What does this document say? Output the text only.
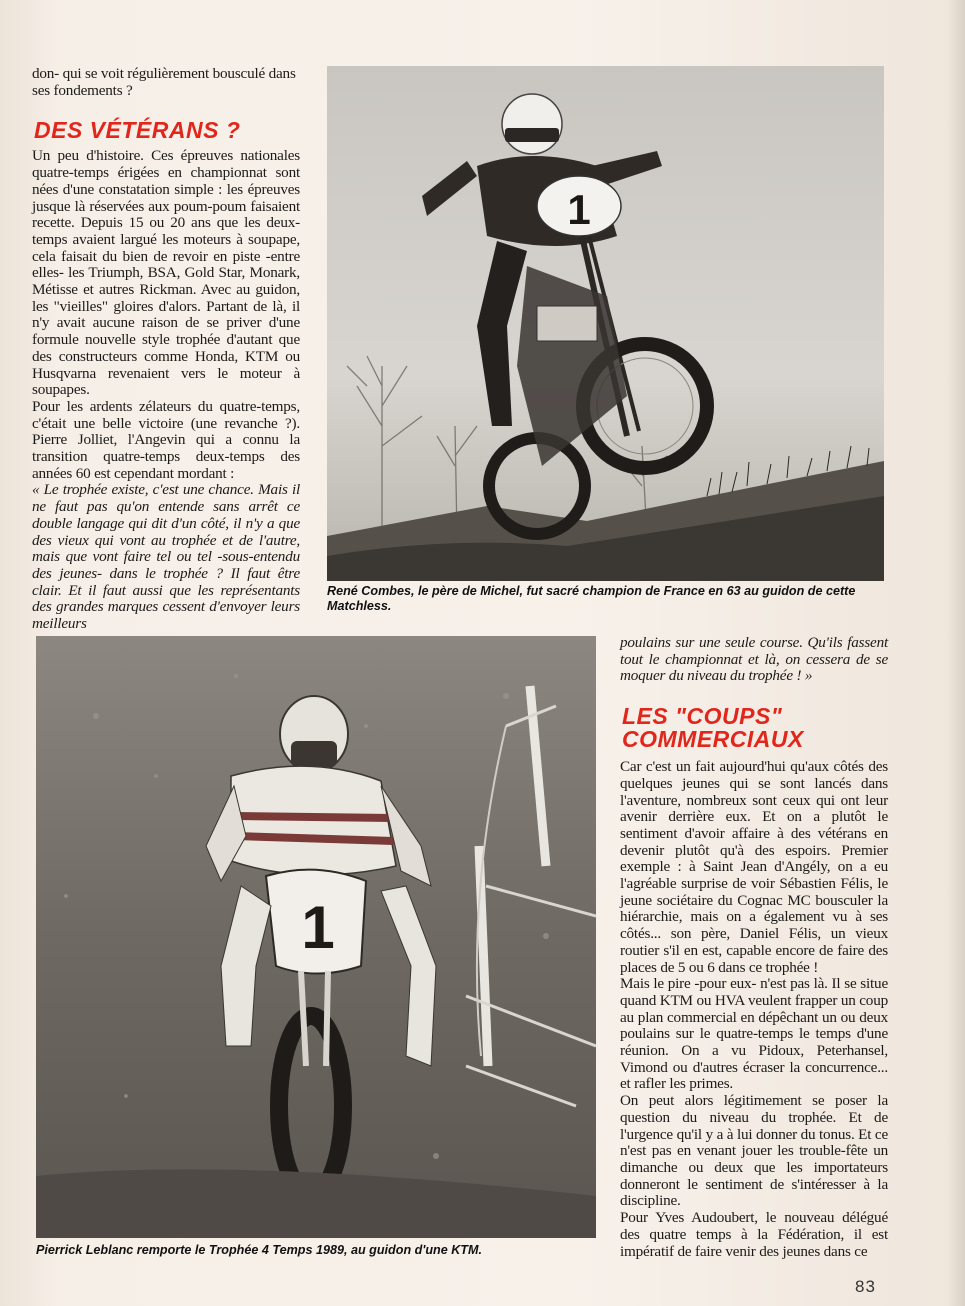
don- qui se voit régulièrement bousculé dans ses fondements ?

DES VÉTÉRANS ?

Un peu d'histoire. Ces épreuves nationales quatre-temps érigées en championnat sont nées d'une constatation simple : les épreuves jusque là réservées aux poum-poum faisaient recette. Depuis 15 ou 20 ans que les deux-temps avaient largué les moteurs à soupape, cela faisait du bien de revoir en piste -entre elles- les Triumph, BSA, Gold Star, Monark, Métisse et autres Rickman. Avec au guidon, les "vieilles" gloires d'alors. Partant de là, il n'y avait aucune raison de se priver d'une formule nouvelle style trophée d'autant que des constructeurs comme Honda, KTM ou Husqvarna revenaient vers le moteur à soupapes.

Pour les ardents zélateurs du quatre-temps, c'était une belle victoire (une revanche ?). Pierre Jolliet, l'Angevin qui a connu la transition quatre-temps deux-temps des années 60 est cependant mordant :

« Le trophée existe, c'est une chance. Mais il ne faut pas qu'on entende sans arrêt ce double langage qui dit d'un côté, il n'y a que des vieux qui vont au trophée et de l'autre, mais que vont faire tel ou tel -sous-entendu des jeunes- dans le trophée ? Il faut être clair. Et il faut aussi que les représentants des grandes marques cessent d'envoyer leurs meilleurs

1
René Combes, le père de Michel, fut sacré champion de France en 63 au guidon de cette Matchless.
1
Pierrick Leblanc remporte le Trophée 4 Temps 1989, au guidon d'une KTM.

poulains sur une seule course. Qu'ils fassent tout le championnat et là, on cessera de se moquer du niveau du trophée ! »

LES "COUPS"
COMMERCIAUX

Car c'est un fait aujourd'hui qu'aux côtés des quelques jeunes qui se sont lancés dans l'aventure, nombreux sont ceux qui ont leur avenir derrière eux. Et on a plutôt le sentiment d'avoir affaire à des vétérans en devenir plutôt qu'à des espoirs. Premier exemple : à Saint Jean d'Angély, on a eu l'agréable surprise de voir Sébastien Félis, le jeune sociétaire du Cognac MC bousculer la hiérarchie, mais on a également vu à ses côtés... son père, Daniel Félis, un vieux routier s'il en est, capable encore de faire des places de 5 ou 6 dans ce trophée !

Mais le pire -pour eux- n'est pas là. Il se situe quand KTM ou HVA veulent frapper un coup au plan commercial en dépêchant un ou deux poulains sur le quatre-temps le temps d'une réunion. On a vu Pidoux, Peterhansel, Vimond ou d'autres écraser la concurrence... et rafler les primes.

On peut alors légitimement se poser la question du niveau du trophée. Et de l'urgence qu'il y a à lui donner du tonus. Et ce n'est pas en venant jouer les trouble-fête un dimanche ou deux que les importateurs donneront le sentiment de s'intéresser à la discipline.

Pour Yves Audoubert, le nouveau délégué des quatre temps à la Fédération, il est impératif de faire venir des jeunes dans ce

83
